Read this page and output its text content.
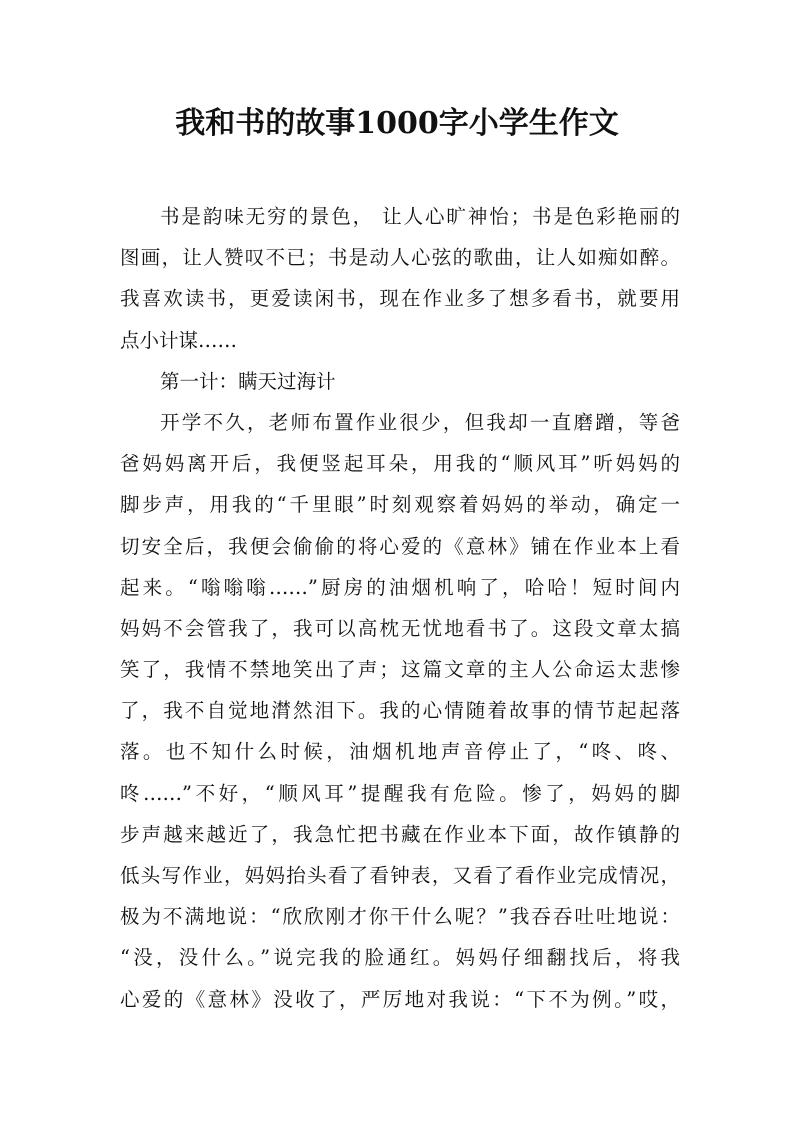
我和书的故事1000字小学生作文
书是韵味无穷的景色， 让人心旷神怡；书是色彩艳丽的
图画，让人赞叹不已；书是动人心弦的歌曲，让人如痴如醉。
我喜欢读书，更爱读闲书，现在作业多了想多看书，就要用
点小计谋……
第一计：瞒天过海计
开学不久，老师布置作业很少，但我却一直磨蹭，等爸
爸妈妈离开后，我便竖起耳朵，用我的“顺风耳”听妈妈的
脚步声，用我的“千里眼”时刻观察着妈妈的举动，确定一
切安全后，我便会偷偷的将心爱的《意林》铺在作业本上看
起来。“嗡嗡嗡……”厨房的油烟机响了，哈哈！短时间内
妈妈不会管我了，我可以高枕无忧地看书了。这段文章太搞
笑了，我情不禁地笑出了声；这篇文章的主人公命运太悲惨
了，我不自觉地潸然泪下。我的心情随着故事的情节起起落
落。也不知什么时候，油烟机地声音停止了，“咚、咚、
咚……”不好，“顺风耳”提醒我有危险。惨了，妈妈的脚
步声越来越近了，我急忙把书藏在作业本下面，故作镇静的
低头写作业，妈妈抬头看了看钟表，又看了看作业完成情况，
极为不满地说：“欣欣刚才你干什么呢？”我吞吞吐吐地说：
“没，没什么。”说完我的脸通红。妈妈仔细翻找后，将我
心爱的《意林》没收了，严厉地对我说：“下不为例。”哎，
